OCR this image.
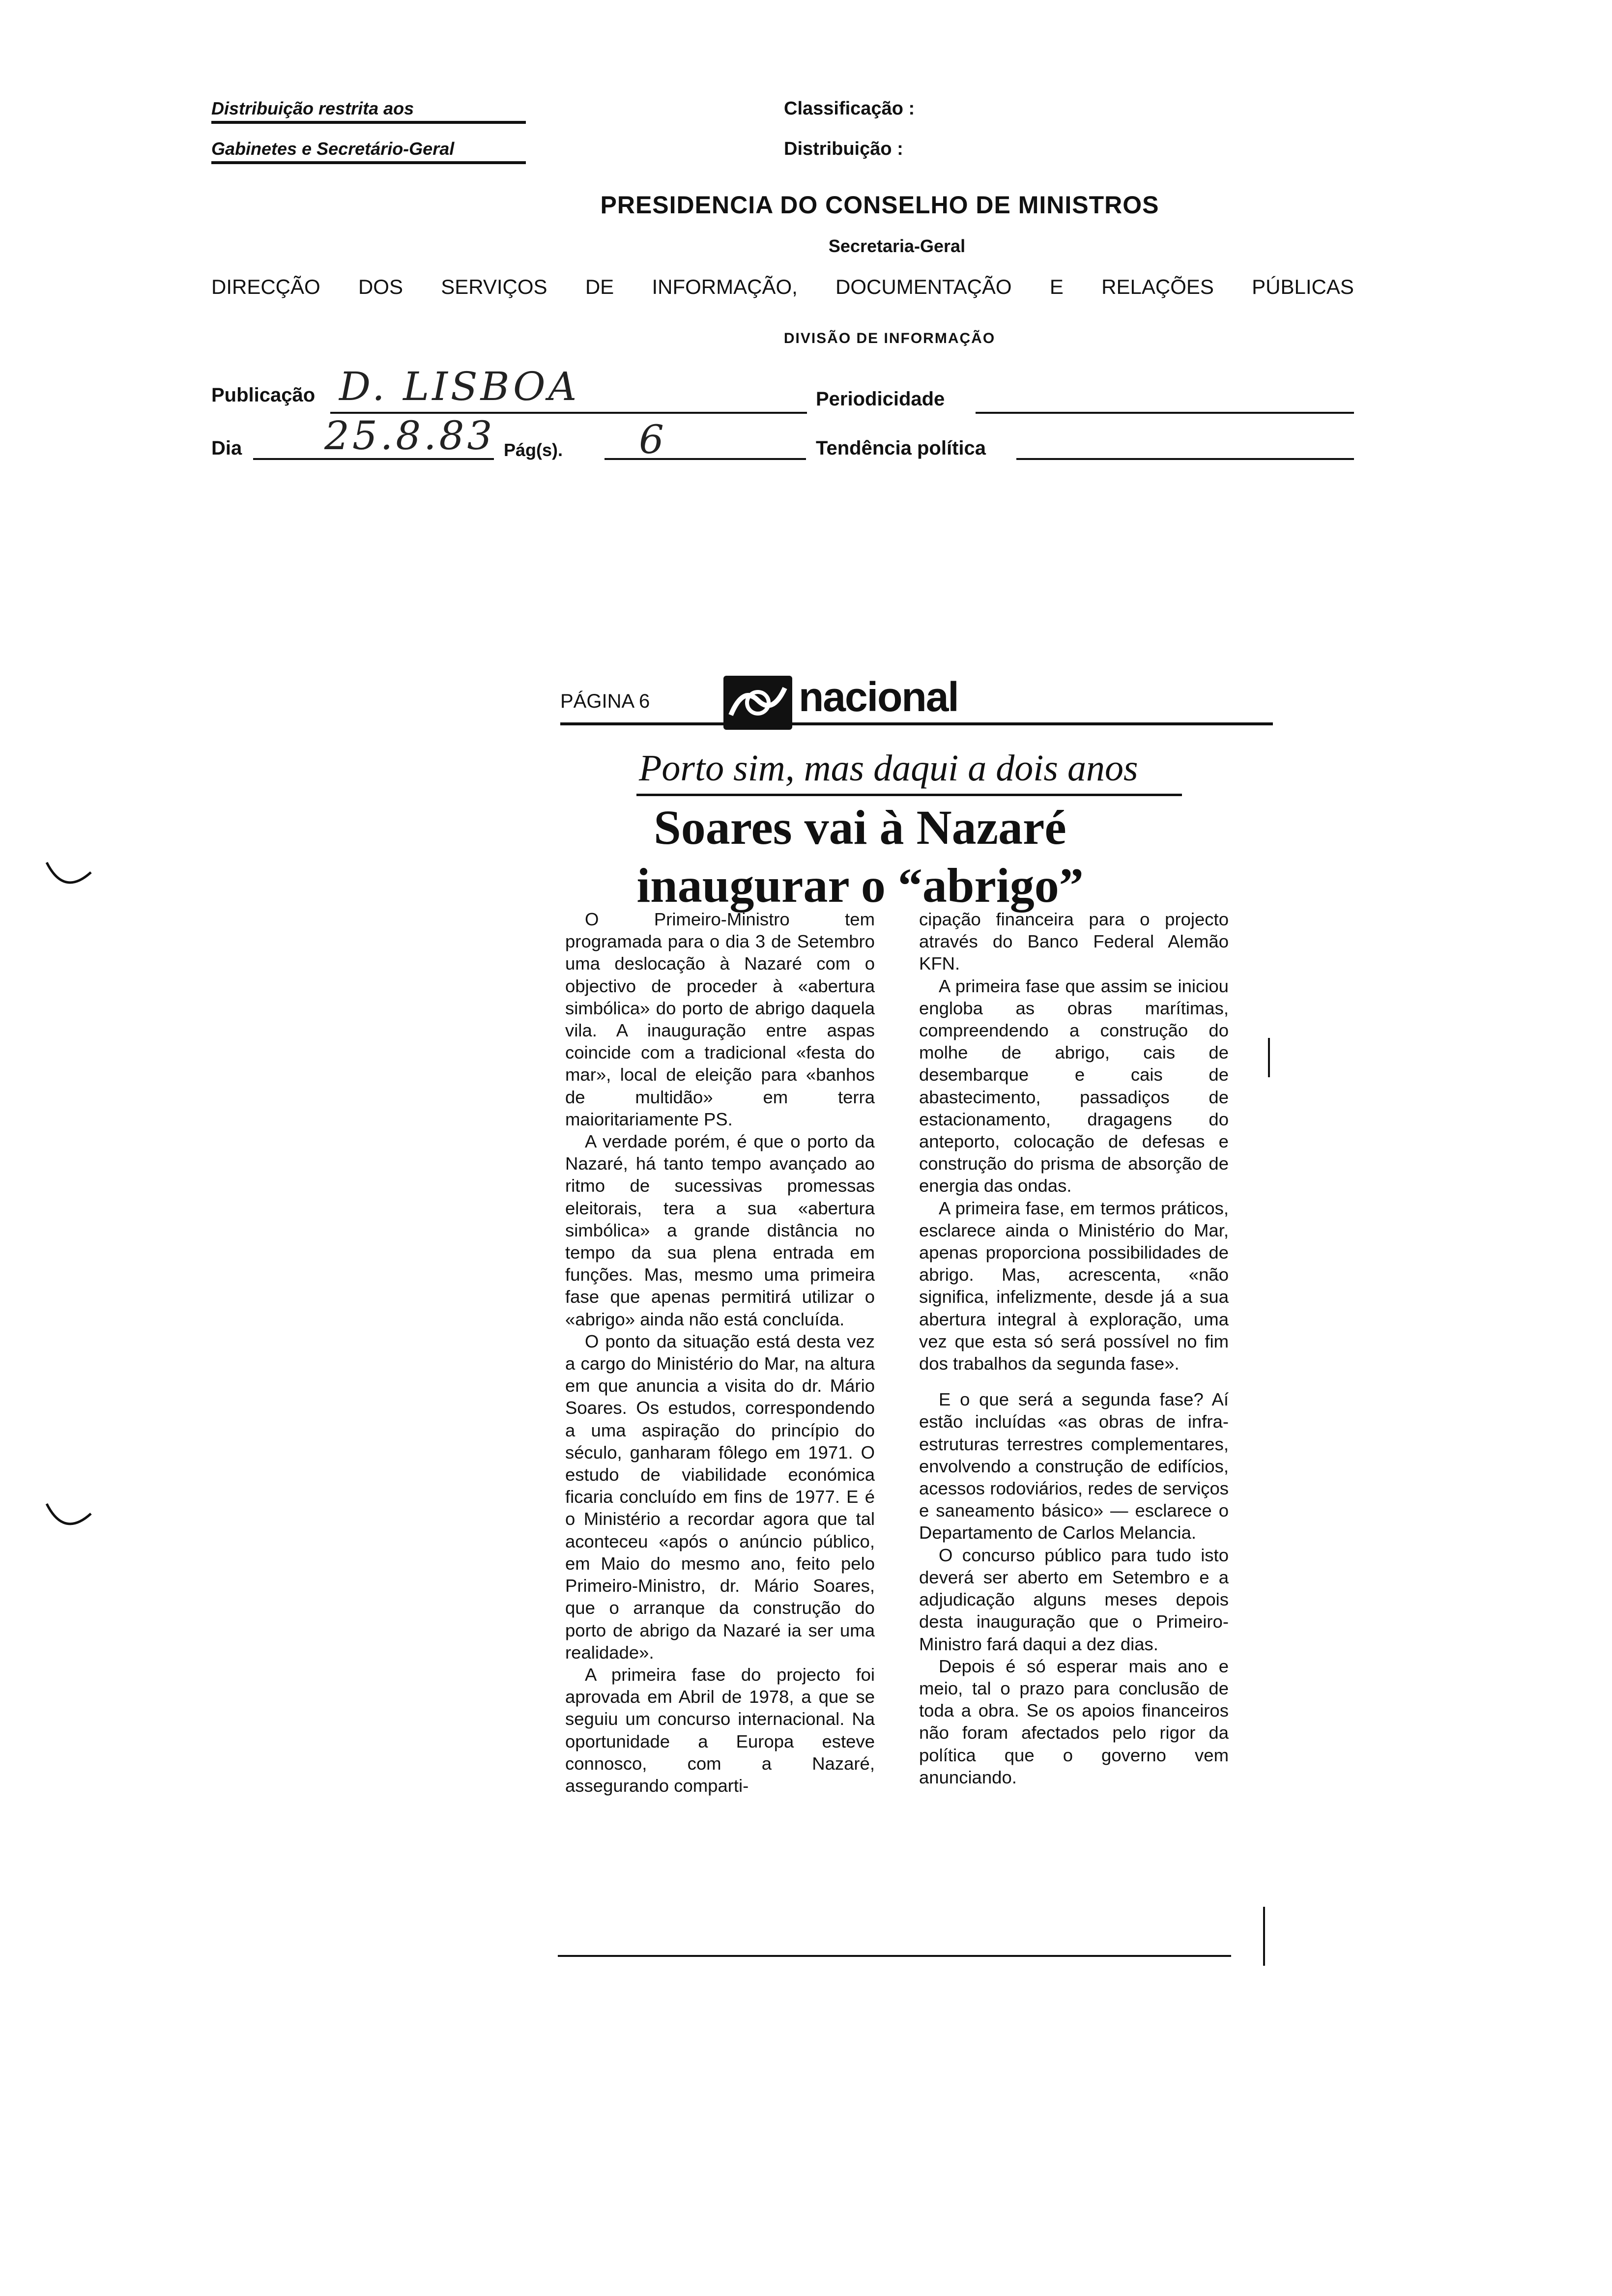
Distribuição restrita aos
Gabinetes e Secretário-Geral
Classificação :
Distribuição :
PRESIDENCIA DO CONSELHO DE MINISTROS
Secretaria-Geral
DIRECÇÃO DOS SERVIÇOS DE INFORMAÇÃO, DOCUMENTAÇÃO E RELAÇÕES PÚBLICAS
DIVISÃO DE INFORMAÇÃO
Publicação D. LISBOA	Periodicidade
Dia 25.8.83 Pág(s). 6	Tendência política
PÁGINA 6	nacional
Porto sim, mas daqui a dois anos
Soares vai à Nazaré
inaugurar o “abrigo”

O Primeiro-Ministro tem programada para o dia 3 de Setembro uma deslocação à Nazaré com o objectivo de proceder à «abertura simbólica» do porto de abrigo daquela vila. A inauguração entre aspas coincide com a tradicional «festa do mar», local de eleição para «banhos de multidão» em terra maioritariamente PS.

A verdade porém, é que o porto da Nazaré, há tanto tempo avançado ao ritmo de sucessivas promessas eleitorais, tera a sua «abertura simbólica» a grande distância no tempo da sua plena entrada em funções. Mas, mesmo uma primeira fase que apenas permitirá utilizar o «abrigo» ainda não está concluída.

O ponto da situação está desta vez a cargo do Ministério do Mar, na altura em que anuncia a visita do dr. Mário Soares. Os estudos, correspondendo a uma aspiração do princípio do século, ganharam fôlego em 1971. O estudo de viabilidade económica ficaria concluído em fins de 1977. E é o Ministério a recordar agora que tal aconteceu «após o anúncio público, em Maio do mesmo ano, feito pelo Primeiro-Ministro, dr. Mário Soares, que o arranque da construção do porto de abrigo da Nazaré ia ser uma realidade».

A primeira fase do projecto foi aprovada em Abril de 1978, a que se seguiu um concurso internacional. Na oportunidade a Europa esteve connosco, com a Nazaré, assegurando comparti-

cipação financeira para o projecto através do Banco Federal Alemão KFN.

A primeira fase que assim se iniciou engloba as obras marítimas, compreendendo a construção do molhe de abrigo, cais de desembarque e cais de abastecimento, passadiços de estacionamento, dragagens do anteporto, colocação de defesas e construção do prisma de absorção de energia das ondas.

A primeira fase, em termos práticos, esclarece ainda o Ministério do Mar, apenas proporciona possibilidades de abrigo. Mas, acrescenta, «não significa, infelizmente, desde já a sua abertura integral à exploração, uma vez que esta só será possível no fim dos trabalhos da segunda fase».

E o que será a segunda fase? Aí estão incluídas «as obras de infra-estruturas terrestres complementares, envolvendo a construção de edifícios, acessos rodoviários, redes de serviços e saneamento básico» — esclarece o Departamento de Carlos Melancia.

O concurso público para tudo isto deverá ser aberto em Setembro e a adjudicação alguns meses depois desta inauguração que o Primeiro-Ministro fará daqui a dez dias.

Depois é só esperar mais ano e meio, tal o prazo para conclusão de toda a obra. Se os apoios financeiros não foram afectados pelo rigor da política que o governo vem anunciando.
